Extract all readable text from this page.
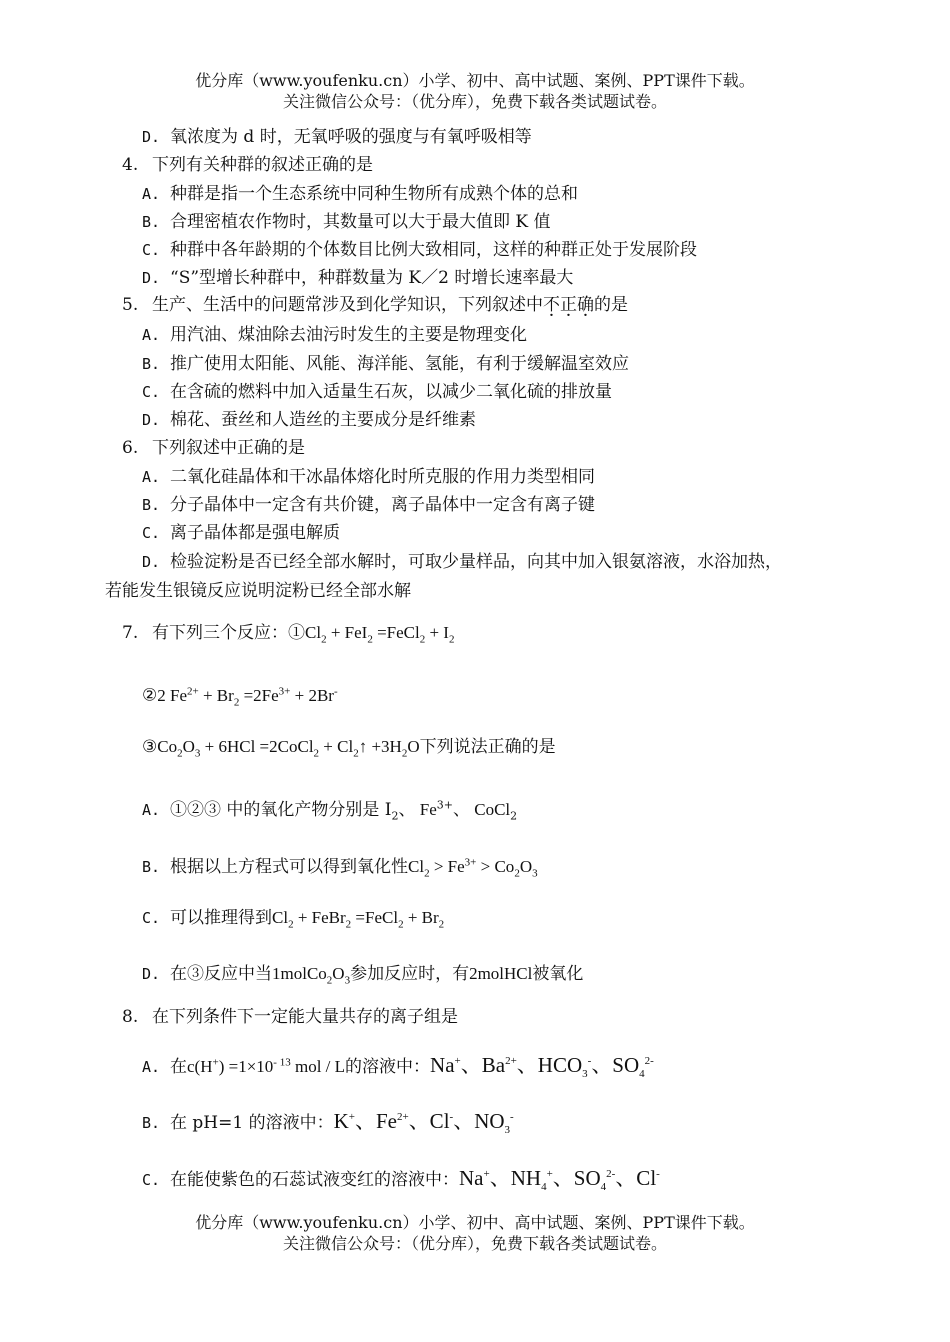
优分库（www.youfenku.cn）小学、初中、高中试题、案例、PPT课件下载。
关注微信公众号：（优分库），免费下载各类试题试卷。
D. 氧浓度为 d 时，无氧呼吸的强度与有氧呼吸相等
4. 下列有关种群的叙述正确的是
A. 种群是指一个生态系统中同种生物所有成熟个体的总和
B. 合理密植农作物时，其数量可以大于最大值即 K 值
C. 种群中各年龄期的个体数目比例大致相同，这样的种群正处于发展阶段
D. “S”型增长种群中，种群数量为 K／2 时增长速率最大
5. 生产、生活中的问题常涉及到化学知识，下列叙述中不正确的是
A. 用汽油、煤油除去油污时发生的主要是物理变化
B. 推广使用太阳能、风能、海洋能、氢能，有利于缓解温室效应
C. 在含硫的燃料中加入适量生石灰，以减少二氧化硫的排放量
D. 棉花、蚕丝和人造丝的主要成分是纤维素
6. 下列叙述中正确的是
A. 二氧化硅晶体和干冰晶体熔化时所克服的作用力类型相同
B. 分子晶体中一定含有共价键，离子晶体中一定含有离子键
C. 离子晶体都是强电解质
D. 检验淀粉是否已经全部水解时，可取少量样品，向其中加入银氨溶液，水浴加热，
若能发生银镜反应说明淀粉已经全部水解
7. 有下列三个反应：$①Cl_2 + FeI_2$ =FeCl$_2$ + $I_2$
②2 $Fe^{2+} + Br_2 =2Fe^{3+} + 2Br^-$
$③Co_2O_3 + 6HCl$ =2CoCl$_2$ + $Cl_2↑ +3H_2O$下列说法正确的是
A. ①②③ 中的氧化产物分别是 $I_2$、 $Fe^{3+}$、 CoCl$_2$
B. 根据以上方程式可以得到氧化性$Cl_2 > Fe^{3+} > Co_2O_3$
C. 可以推理得到$Cl_2$ + FeBr$_2$ =FeCl$_2$ + $Br_2$
D. 在③反应中当$1molCo_2O_3$参加反应时，有2molHCl被氧化
8. 在下列条件下一定能大量共存的离子组是
A. 在$c(H^+) =1\times 10^{- 13}$ mol / L的溶液中：Na+、$Ba^{2+}$、$HCO_3^-$、$SO_4^{2-}$
B. 在 pH=1 的溶液中：K+、$Fe^{2+}$、Cl-、$NO_3^-$
C. 在能使紫色的石蕊试液变红的溶液中：Na+、$NH_4^+$、$SO_4^{2-}$、Cl-
优分库（www.youfenku.cn）小学、初中、高中试题、案例、PPT课件下载。
关注微信公众号：（优分库），免费下载各类试题试卷。
